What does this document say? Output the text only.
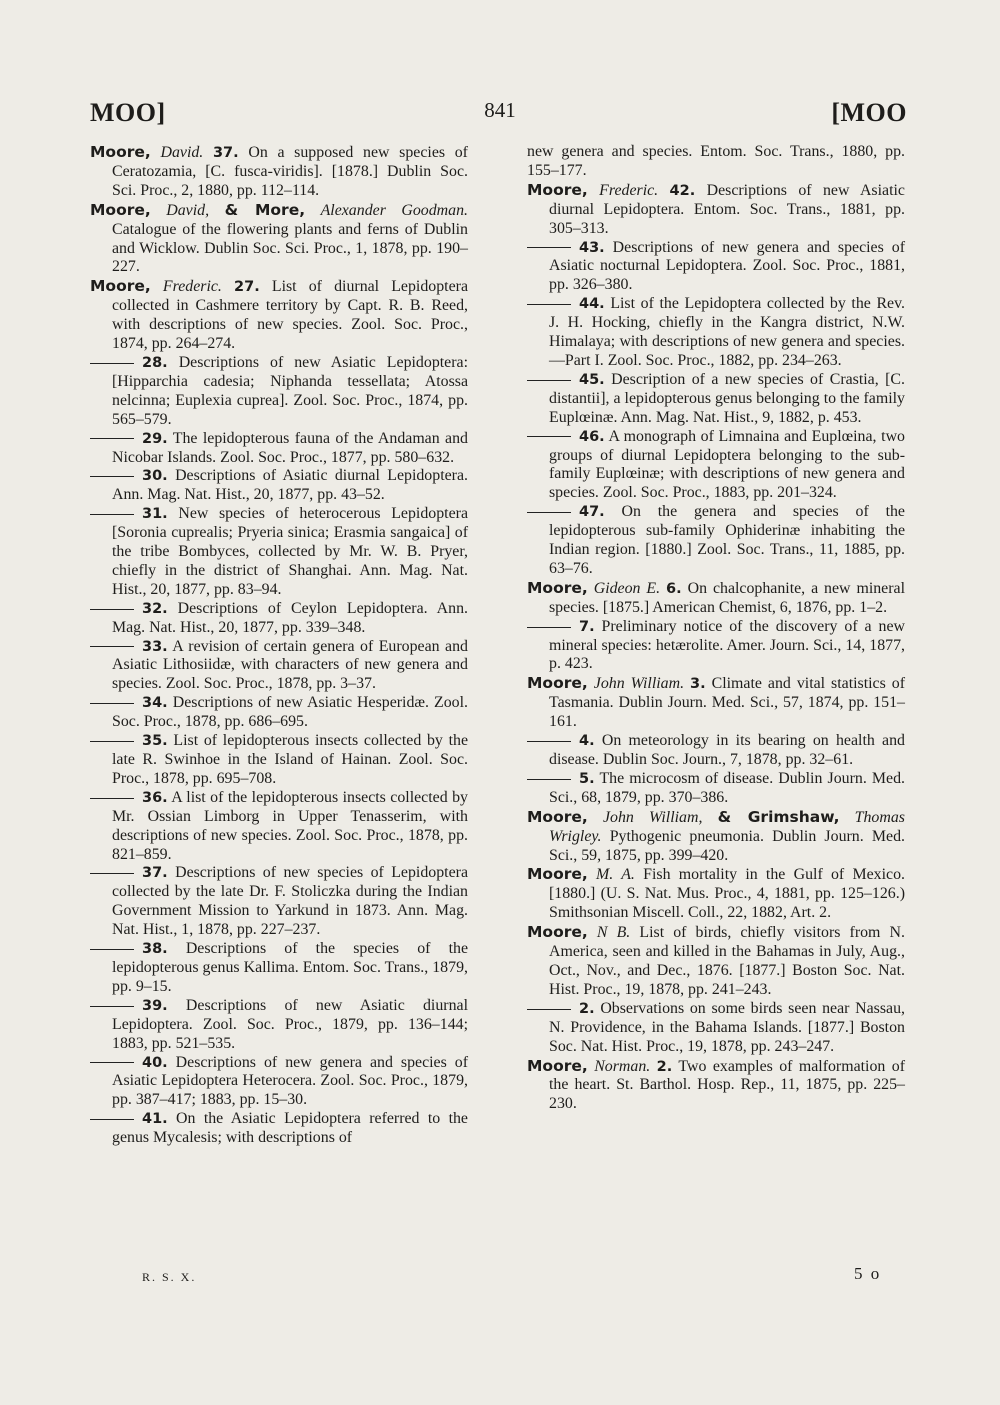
MOO]	841	[MOO

Moore, David. 37. On a supposed new species of Ceratozamia, [C. fusca-viridis]. [1878.] Dublin Soc. Sci. Proc., 2, 1880, pp. 112–114.

Moore, David, & More, Alexander Goodman. Catalogue of the flowering plants and ferns of Dublin and Wicklow. Dublin Soc. Sci. Proc., 1, 1878, pp. 190–227.

Moore, Frederic. 27. List of diurnal Lepidoptera collected in Cashmere territory by Capt. R. B. Reed, with descriptions of new species. Zool. Soc. Proc., 1874, pp. 264–274.

28. Descriptions of new Asiatic Lepidoptera: [Hipparchia cadesia; Niphanda tessellata; Atossa nelcinna; Euplexia cuprea]. Zool. Soc. Proc., 1874, pp. 565–579.

29. The lepidopterous fauna of the Andaman and Nicobar Islands. Zool. Soc. Proc., 1877, pp. 580–632.

30. Descriptions of Asiatic diurnal Lepidoptera. Ann. Mag. Nat. Hist., 20, 1877, pp. 43–52.

31. New species of heterocerous Lepidoptera [Soronia cuprealis; Pryeria sinica; Erasmia sangaica] of the tribe Bombyces, collected by Mr. W. B. Pryer, chiefly in the district of Shanghai. Ann. Mag. Nat. Hist., 20, 1877, pp. 83–94.

32. Descriptions of Ceylon Lepidoptera. Ann. Mag. Nat. Hist., 20, 1877, pp. 339–348.

33. A revision of certain genera of European and Asiatic Lithosiidæ, with characters of new genera and species. Zool. Soc. Proc., 1878, pp. 3–37.

34. Descriptions of new Asiatic Hesperidæ. Zool. Soc. Proc., 1878, pp. 686–695.

35. List of lepidopterous insects collected by the late R. Swinhoe in the Island of Hainan. Zool. Soc. Proc., 1878, pp. 695–708.

36. A list of the lepidopterous insects collected by Mr. Ossian Limborg in Upper Tenasserim, with descriptions of new species. Zool. Soc. Proc., 1878, pp. 821–859.

37. Descriptions of new species of Lepidoptera collected by the late Dr. F. Stoliczka during the Indian Government Mission to Yarkund in 1873. Ann. Mag. Nat. Hist., 1, 1878, pp. 227–237.

38. Descriptions of the species of the lepidopterous genus Kallima. Entom. Soc. Trans., 1879, pp. 9–15.

39. Descriptions of new Asiatic diurnal Lepidoptera. Zool. Soc. Proc., 1879, pp. 136–144; 1883, pp. 521–535.

40. Descriptions of new genera and species of Asiatic Lepidoptera Heterocera. Zool. Soc. Proc., 1879, pp. 387–417; 1883, pp. 15–30.

41. On the Asiatic Lepidoptera referred to the genus Mycalesis; with descriptions of

new genera and species. Entom. Soc. Trans., 1880, pp. 155–177.

Moore, Frederic. 42. Descriptions of new Asiatic diurnal Lepidoptera. Entom. Soc. Trans., 1881, pp. 305–313.

43. Descriptions of new genera and species of Asiatic nocturnal Lepidoptera. Zool. Soc. Proc., 1881, pp. 326–380.

44. List of the Lepidoptera collected by the Rev. J. H. Hocking, chiefly in the Kangra district, N.W. Himalaya; with descriptions of new genera and species.—Part I. Zool. Soc. Proc., 1882, pp. 234–263.

45. Description of a new species of Crastia, [C. distantii], a lepidopterous genus belonging to the family Euplœinæ. Ann. Mag. Nat. Hist., 9, 1882, p. 453.

46. A monograph of Limnaina and Euplœina, two groups of diurnal Lepidoptera belonging to the sub-family Euplœinæ; with descriptions of new genera and species. Zool. Soc. Proc., 1883, pp. 201–324.

47. On the genera and species of the lepidopterous sub-family Ophiderinæ inhabiting the Indian region. [1880.] Zool. Soc. Trans., 11, 1885, pp. 63–76.

Moore, Gideon E. 6. On chalcophanite, a new mineral species. [1875.] American Chemist, 6, 1876, pp. 1–2.

7. Preliminary notice of the discovery of a new mineral species: hetærolite. Amer. Journ. Sci., 14, 1877, p. 423.

Moore, John William. 3. Climate and vital statistics of Tasmania. Dublin Journ. Med. Sci., 57, 1874, pp. 151–161.

4. On meteorology in its bearing on health and disease. Dublin Soc. Journ., 7, 1878, pp. 32–61.

5. The microcosm of disease. Dublin Journ. Med. Sci., 68, 1879, pp. 370–386.

Moore, John William, & Grimshaw, Thomas Wrigley. Pythogenic pneumonia. Dublin Journ. Med. Sci., 59, 1875, pp. 399–420.

Moore, M. A. Fish mortality in the Gulf of Mexico. [1880.] (U. S. Nat. Mus. Proc., 4, 1881, pp. 125–126.) Smithsonian Miscell. Coll., 22, 1882, Art. 2.

Moore, N B. List of birds, chiefly visitors from N. America, seen and killed in the Bahamas in July, Aug., Oct., Nov., and Dec., 1876. [1877.] Boston Soc. Nat. Hist. Proc., 19, 1878, pp. 241–243.

2. Observations on some birds seen near Nassau, N. Providence, in the Bahama Islands. [1877.] Boston Soc. Nat. Hist. Proc., 19, 1878, pp. 243–247.

Moore, Norman. 2. Two examples of malformation of the heart. St. Barthol. Hosp. Rep., 11, 1875, pp. 225–230.

R. S. X.	5 o
